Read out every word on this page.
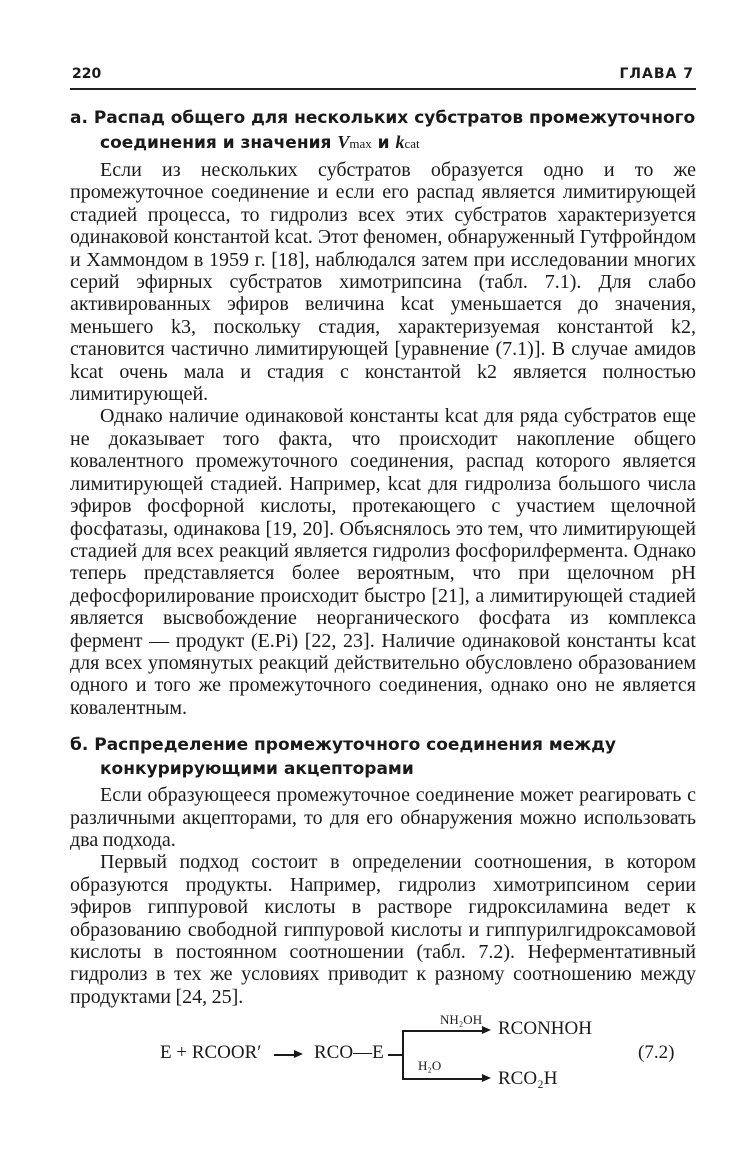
220	ГЛАВА 7
а. Распад общего для нескольких субстратов промежуточного соединения и значения Vmax и kcat

Если из нескольких субстратов образуется одно и то же промежуточное соединение и если его распад является лимитирующей стадией процесса, то гидролиз всех этих субстратов характеризуется одинаковой константой kcat. Этот феномен, обнаруженный Гутфройндом и Хаммондом в 1959 г. [18], наблюдался затем при исследовании многих серий эфирных субстратов химотрипсина (табл. 7.1). Для слабо активированных эфиров величина kcat уменьшается до значения, меньшего k3, поскольку стадия, характеризуемая константой k2, становится частично лимитирующей [уравнение (7.1)]. В случае амидов kcat очень мала и стадия с константой k2 является полностью лимитирующей.

Однако наличие одинаковой константы kcat для ряда субстратов еще не доказывает того факта, что происходит накопление общего ковалентного промежуточного соединения, распад которого является лимитирующей стадией. Например, kcat для гидролиза большого числа эфиров фосфорной кислоты, протекающего с участием щелочной фосфатазы, одинакова [19, 20]. Объяснялось это тем, что лимитирующей стадией для всех реакций является гидролиз фосфорилфермента. Однако теперь представляется более вероятным, что при щелочном pH дефосфорилирование происходит быстро [21], а лимитирующей стадией является высвобождение неорганического фосфата из комплекса фермент — продукт (E.Pi) [22, 23]. Наличие одинаковой константы kcat для всех упомянутых реакций действительно обусловлено образованием одного и того же промежуточного соединения, однако оно не является ковалентным.

б. Распределение промежуточного соединения между конкурирующими акцепторами

Если образующееся промежуточное соединение может реагировать с различными акцепторами, то для его обнаружения можно использовать два подхода.

Первый подход состоит в определении соотношения, в котором образуются продукты. Например, гидролиз химотрипсином серии эфиров гиппуровой кислоты в растворе гидроксиламина ведет к образованию свободной гиппуровой кислоты и гиппурилгидроксамовой кислоты в постоянном соотношении (табл. 7.2). Неферментативный гидролиз в тех же условиях приводит к разному соотношению между продуктами [24, 25].

E + RCOOR′	RCO—E
NH₂OH
H₂O
RCONHOH
RCO₂H
(7.2)
